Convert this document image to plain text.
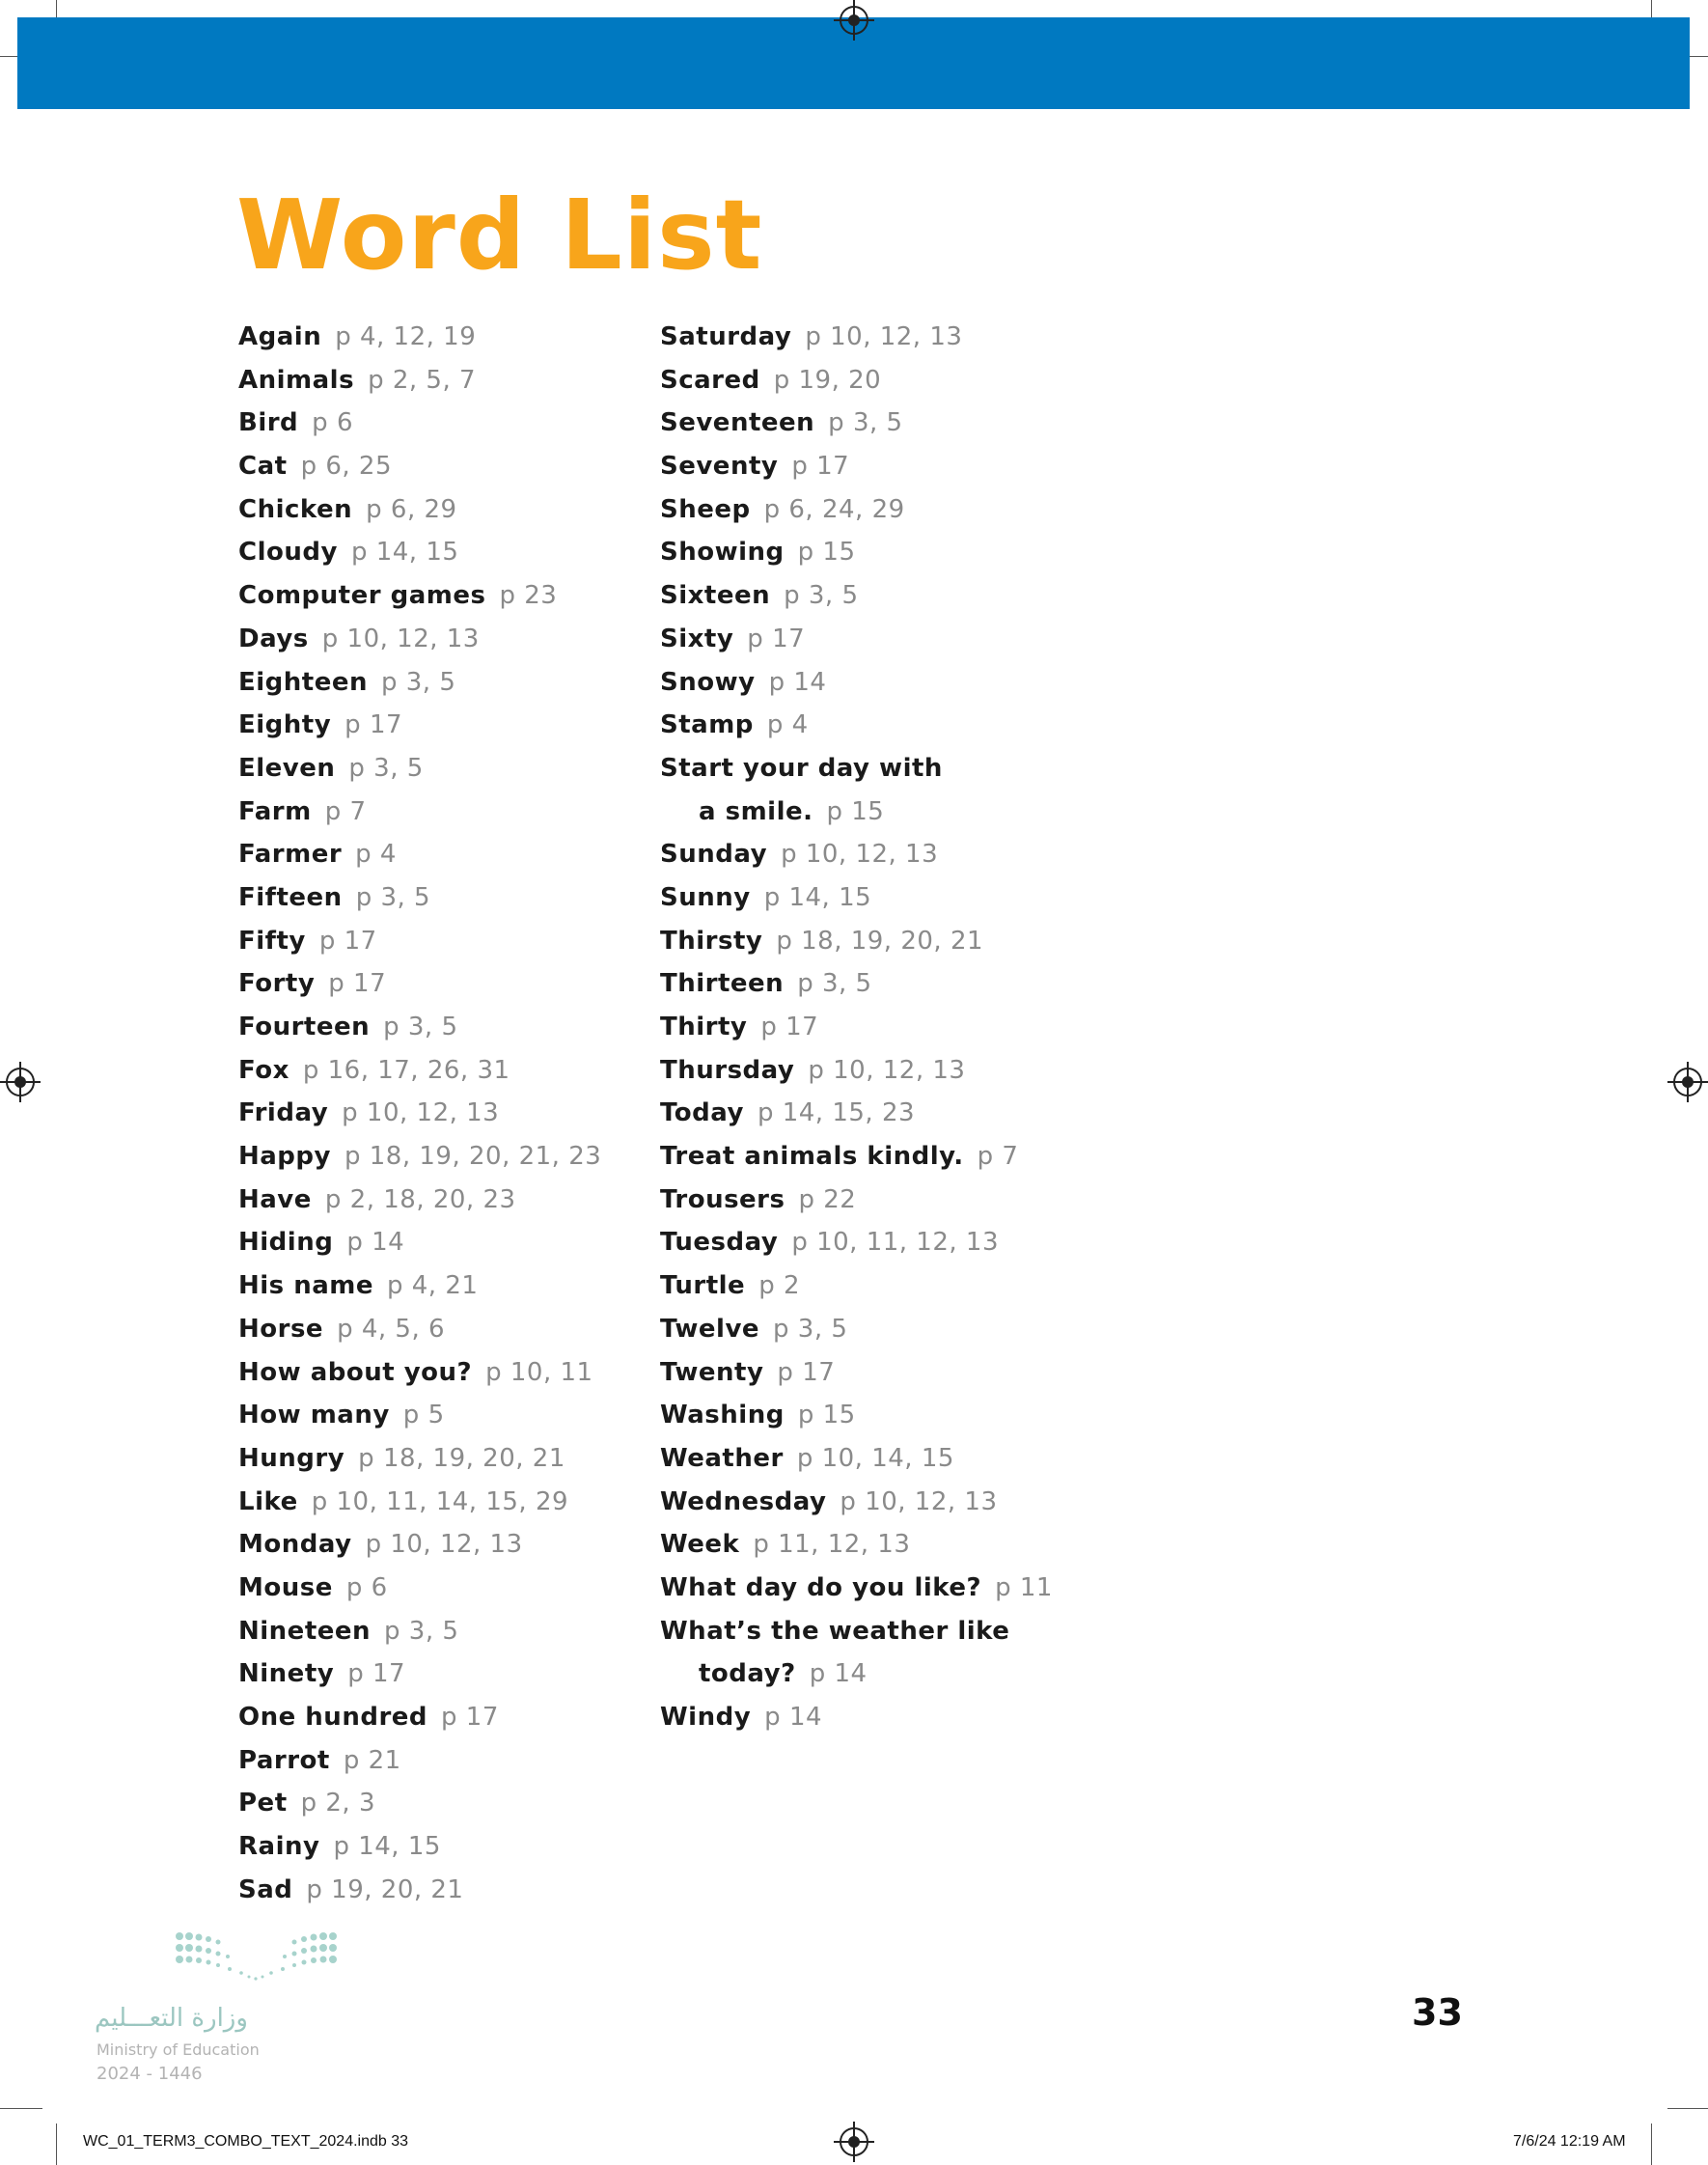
Word List
Again p 4, 12, 19
Animals p 2, 5, 7
Bird p 6
Cat p 6, 25
Chicken p 6, 29
Cloudy p 14, 15
Computer games p 23
Days p 10, 12, 13
Eighteen p 3, 5
Eighty p 17
Eleven p 3, 5
Farm p 7
Farmer p 4
Fifteen p 3, 5
Fifty p 17
Forty p 17
Fourteen p 3, 5
Fox p 16, 17, 26, 31
Friday p 10, 12, 13
Happy p 18, 19, 20, 21, 23
Have p 2, 18, 20, 23
Hiding p 14
His name p 4, 21
Horse p 4, 5, 6
How about you? p 10, 11
How many p 5
Hungry p 18, 19, 20, 21
Like p 10, 11, 14, 15, 29
Monday p 10, 12, 13
Mouse p 6
Nineteen p 3, 5
Ninety p 17
One hundred p 17
Parrot p 21
Pet p 2, 3
Rainy p 14, 15
Sad p 19, 20, 21
Saturday p 10, 12, 13
Scared p 19, 20
Seventeen p 3, 5
Seventy p 17
Sheep p 6, 24, 29
Showing p 15
Sixteen p 3, 5
Sixty p 17
Snowy p 14
Stamp p 4
Start your day with
a smile. p 15
Sunday p 10, 12, 13
Sunny p 14, 15
Thirsty p 18, 19, 20, 21
Thirteen p 3, 5
Thirty p 17
Thursday p 10, 12, 13
Today p 14, 15, 23
Treat animals kindly. p 7
Trousers p 22
Tuesday p 10, 11, 12, 13
Turtle p 2
Twelve p 3, 5
Twenty p 17
Washing p 15
Weather p 10, 14, 15
Wednesday p 10, 12, 13
Week p 11, 12, 13
What day do you like? p 11
What’s the weather like
today? p 14
Windy p 14

33

وزارة التعـــليم
Ministry of Education
2024 - 1446
WC_01_TERM3_COMBO_TEXT_2024.indb 33	7/6/24 12:19 AM
